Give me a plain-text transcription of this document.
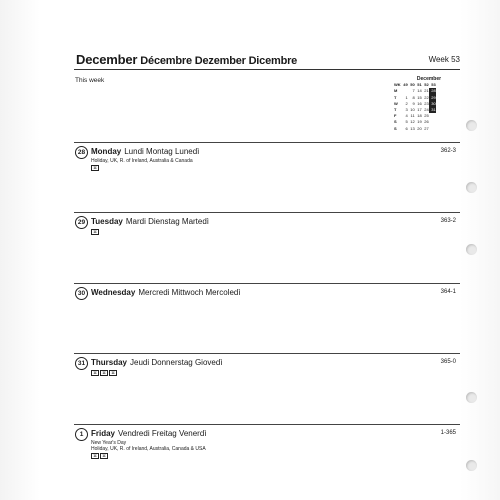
December Décembre Dezember Dicembre	Week 53
This week	December
WK	49	50	51	52	53
M		7	14	21	28
T	1	8	15	22	29
W	2	9	16	23	30
T	3	10	17	24	31
F	4	11	18	25	
S	5	12	19	26	
S	6	13	20	27	
28 Monday Lundi Montag Lunedì
Holiday, UK, R. of Ireland, Australia & Canada
⌘
362-3
29 Tuesday Mardi Dienstag Martedì
⌘
363-2
30 Wednesday Mercredi Mittwoch Mercoledì	364-1
31 Thursday Jeudi Donnerstag Giovedì
⌘ ⌘ ⌘
365-0
1 Friday Vendredi Freitag Venerdì
New Year's Day
Holiday, UK, R. of Ireland, Australia, Canada & USA
⌘ ⌘
1-365
